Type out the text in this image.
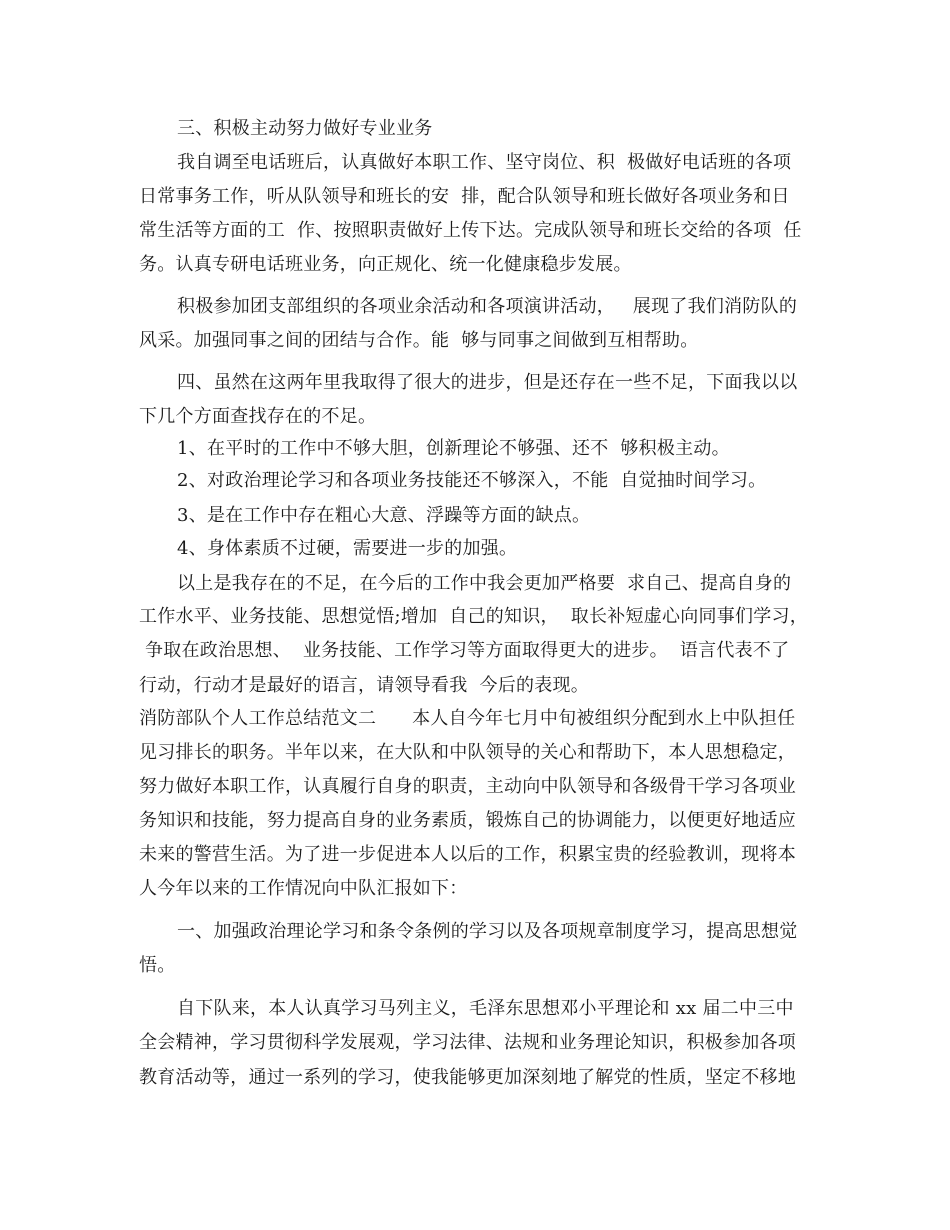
三、积极主动努力做好专业业务

我自调至电话班后，认真做好本职工作、坚守岗位、积  极做好电话班的各项

日常事务工作，听从队领导和班长的安  排，配合队领导和班长做好各项业务和日

常生活等方面的工  作、按照职责做好上传下达。完成队领导和班长交给的各项  任

务。认真专研电话班业务，向正规化、统一化健康稳步发展。

积极参加团支部组织的各项业余活动和各项演讲活动，   展现了我们消防队的

风采。加强同事之间的团结与合作。能  够与同事之间做到互相帮助。

四、虽然在这两年里我取得了很大的进步，但是还存在一些不足，下面我以以

下几个方面查找存在的不足。

1、在平时的工作中不够大胆，创新理论不够强、还不  够积极主动。

2、对政治理论学习和各项业务技能还不够深入，不能  自觉抽时间学习。

3、是在工作中存在粗心大意、浮躁等方面的缺点。

4、身体素质不过硬，需要进一步的加强。

以上是我存在的不足，在今后的工作中我会更加严格要  求自己、提高自身的

工作水平、业务技能、思想觉悟;增加  自己的知识，  取长补短虚心向同事们学习，

争取在政治思想、  业务技能、工作学习等方面取得更大的进步。  语言代表不了

行动，行动才是最好的语言，请领导看我  今后的表现。

消防部队个人工作总结范文二      本人自今年七月中旬被组织分配到水上中队担任

见习排长的职务。半年以来，在大队和中队领导的关心和帮助下，本人思想稳定，

努力做好本职工作，认真履行自身的职责，主动向中队领导和各级骨干学习各项业

务知识和技能，努力提高自身的业务素质，锻炼自己的协调能力，以便更好地适应

未来的警营生活。为了进一步促进本人以后的工作，积累宝贵的经验教训，现将本

人今年以来的工作情况向中队汇报如下：

一、加强政治理论学习和条令条例的学习以及各项规章制度学习，提高思想觉

悟。

自下队来，本人认真学习马列主义，毛泽东思想邓小平理论和 xx 届二中三中

全会精神，学习贯彻科学发展观，学习法律、法规和业务理论知识，积极参加各项

教育活动等，通过一系列的学习，使我能够更加深刻地了解党的性质，坚定不移地
